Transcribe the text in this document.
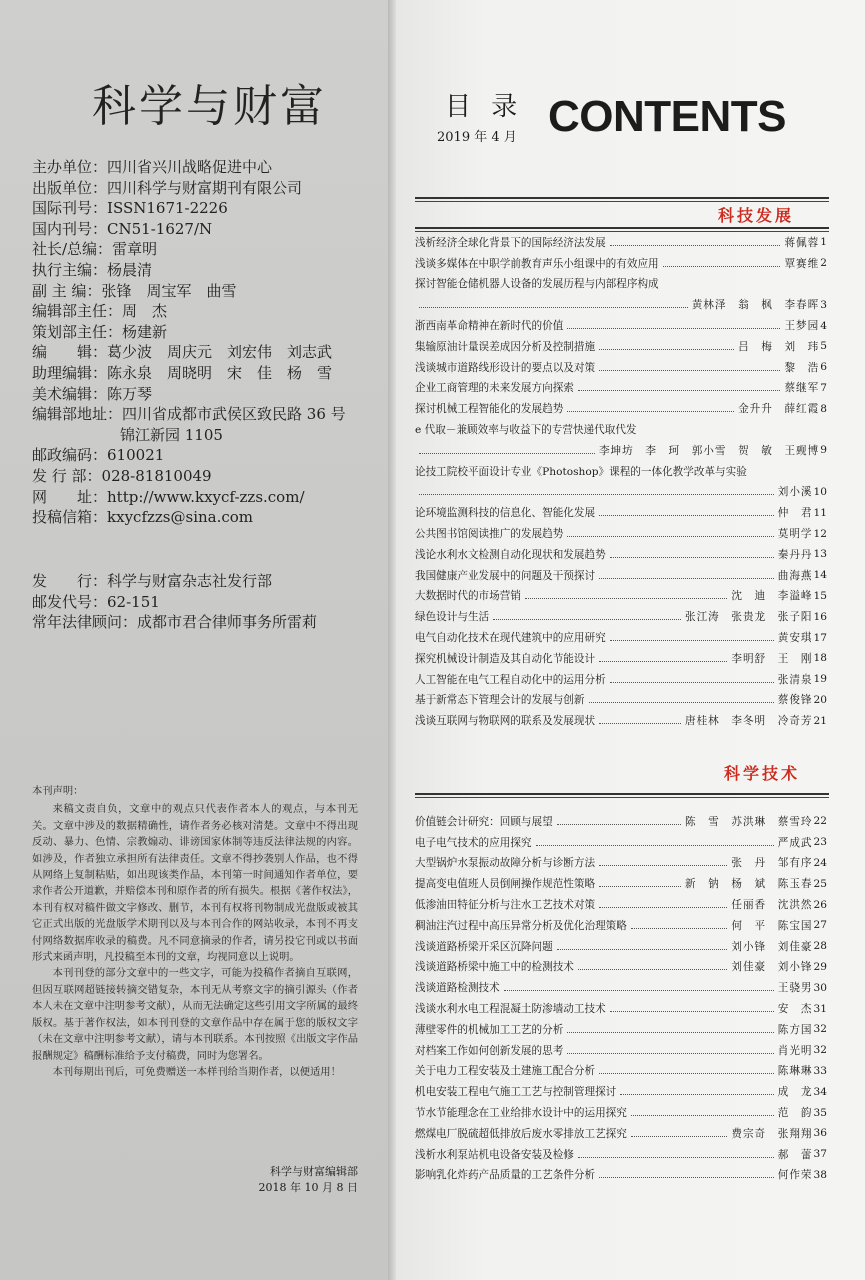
科学与财富
主办单位：四川省兴川战略促进中心
出版单位：四川科学与财富期刊有限公司
国际刊号：ISSN1671-2226
国内刊号：CN51-1627/N
社长/总编：雷章明
执行主编：杨晨清
副 主 编：张锋　周宝军　曲雪
编辑部主任：周　杰
策划部主任：杨建新
编　　辑：葛少波　周庆元　刘宏伟　刘志武
助理编辑：陈永泉　周晓明　宋　佳　杨　雪
美术编辑：陈万琴
编辑部地址：四川省成都市武侯区致民路 36 号
锦江新园 1105
邮政编码：610021
发 行 部：028-81810049
网　　址：http://www.kxycf-zzs.com/
投稿信箱：kxycfzzs@sina.com
发　　行：科学与财富杂志社发行部
邮发代号：62-151
常年法律顾问：成都市君合律师事务所雷莉

本刊声明：

来稿文责自负，文章中的观点只代表作者本人的观点，与本刊无关。文章中涉及的数据精确性，请作者务必核对清楚。文章中不得出现反动、暴力、色情、宗教煽动、诽谤国家体制等违反法律法规的内容。如涉及，作者独立承担所有法律责任。文章不得抄袭别人作品，也不得从网络上复制粘贴，如出现该类作品，本刊第一时间通知作者单位，要求作者公开道歉，并赔偿本刊和原作者的所有损失。根据《著作权法》，本刊有权对稿件做文字修改、删节，本刊有权将刊物制成光盘版或被其它正式出版的光盘版学术期刊以及与本刊合作的网站收录，本刊不再支付网络数据库收录的稿费。凡不同意摘录的作者，请另投它刊或以书面形式来函声明，凡投稿至本刊的文章，均视同意以上说明。

本刊刊登的部分文章中的一些文字，可能为投稿作者摘自互联网，但因互联网超链接转摘交错复杂，本刊无从考察文字的摘引源头（作者本人未在文章中注明参考文献），从而无法确定这些引用文字所属的最终版权。基于著作权法，如本刊刊登的文章作品中存在属于您的版权文字（未在文章中注明参考文献），请与本刊联系。本刊按照《出版文字作品报酬规定》稿酬标准给予支付稿费，同时为您署名。

本刊每期出刊后，可免费赠送一本样刊给当期作者，以便适用！

科学与财富编辑部
2018 年 10 月 8 日
目 录
2019 年 4 月 CONTENTS
科技发展
浅析经济全球化背景下的国际经济法发展	蒋佩蓉 1
浅谈多媒体在中职学前教育声乐小组课中的有效应用	覃赛维 2
探讨智能仓储机器人设备的发展历程与内部程序构成
黄林泽　翁　枫　李春晖 3
浙西南革命精神在新时代的价值	王梦园 4
集输原油计量误差成因分析及控制措施	吕　梅　刘　玮 5
浅谈城市道路线形设计的要点以及对策	黎　浩 6
企业工商管理的未来发展方向探索	蔡继军 7
探讨机械工程智能化的发展趋势	金升升　薛红霞 8
e 代取－兼顾效率与收益下的专营快递代取代发
李坤坊　李　珂　郭小雪　贺　敏　王觋博 9
论技工院校平面设计专业《Photoshop》课程的一体化教学改革与实验
刘小溪 10
论环境监测科技的信息化、智能化发展	仲　君 11
公共图书馆阅读推广的发展趋势	莫明学 12
浅论水利水文检测自动化现状和发展趋势	秦丹丹 13
我国健康产业发展中的问题及干预探讨	曲海燕 14
大数据时代的市场营销	沈　迪　李溢峰 15
绿色设计与生活	张江涛　张贵龙　张子阳 16
电气自动化技术在现代建筑中的应用研究	黄安琪 17
探究机械设计制造及其自动化节能设计	李明舒　王　刚 18
人工智能在电气工程自动化中的运用分析	张清泉 19
基于新常态下管理会计的发展与创新	蔡俊锋 20
浅谈互联网与物联网的联系及发展现状	唐桂林　李冬明　冷奇芳 21
科学技术
价值链会计研究：回顾与展望	陈　雪　苏洪琳　蔡雪玲 22
电子电气技术的应用探究	严成武 23
大型锅炉水泵振动故障分析与诊断方法	张　丹　邹有序 24
提高变电值班人员倒闸操作规范性策略	新　钠　杨　斌　陈玉春 25
低渗油田特征分析与注水工艺技术对策	任丽香　沈洪然 26
稠油注汽过程中高压异常分析及优化治理策略	何　平　陈宝国 27
浅谈道路桥梁开采区沉降问题	刘小锋　刘佳豪 28
浅谈道路桥梁中施工中的检测技术	刘佳豪　刘小锋 29
浅谈道路检测技术	王骁男 30
浅谈水利水电工程混凝土防渗墙动工技术	安　杰 31
薄壁零件的机械加工工艺的分析	陈方国 32
对档案工作如何创新发展的思考	肖光明 32
关于电力工程安装及土建施工配合分析	陈琳琳 33
机电安装工程电气施工工艺与控制管理探讨	成　龙 34
节水节能理念在工业给排水设计中的运用探究	范　韵 35
燃煤电厂脱硫超低排放后废水零排放工艺探究	费宗奇　张翔翔 36
浅析水利泵站机电设备安装及检修	郝　蕾 37
影响乳化炸药产品质量的工艺条件分析	何作荣 38
